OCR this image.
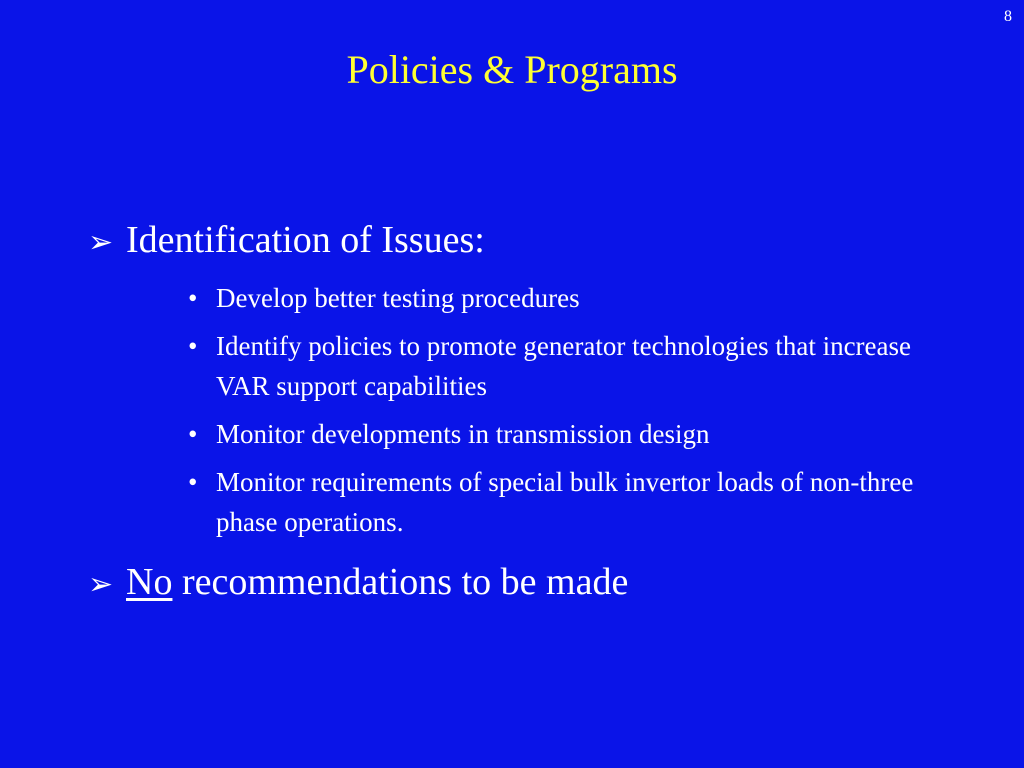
8
Policies & Programs
➢ Identification of Issues:
• Develop better testing procedures
• Identify policies to promote generator technologies that increase VAR support capabilities
• Monitor developments in transmission design
• Monitor requirements of special bulk invertor loads of non-three phase operations.
➢ No
recommendations to be made
